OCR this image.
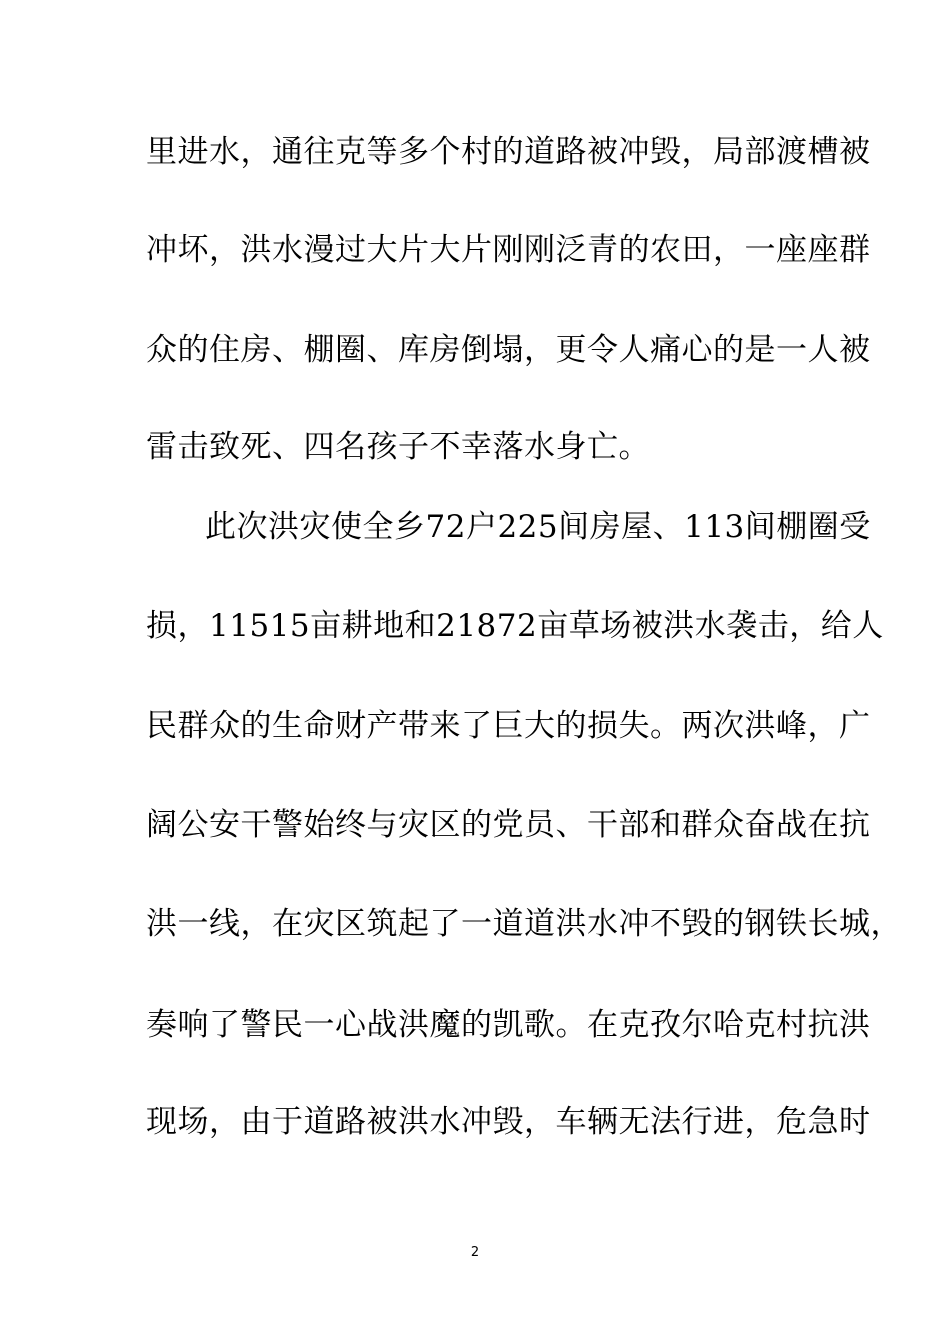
里进水，通往克等多个村的道路被冲毁，局部渡槽被
冲坏，洪水漫过大片大片刚刚泛青的农田，一座座群
众的住房、棚圈、库房倒塌，更令人痛心的是一人被
雷击致死、四名孩子不幸落水身亡。
此次洪灾使全乡72户225间房屋、113间棚圈受
损，11515亩耕地和21872亩草场被洪水袭击，给人
民群众的生命财产带来了巨大的损失。两次洪峰，广
阔公安干警始终与灾区的党员、干部和群众奋战在抗
洪一线，在灾区筑起了一道道洪水冲不毁的钢铁长城，
奏响了警民一心战洪魔的凯歌。在克孜尔哈克村抗洪
现场，由于道路被洪水冲毁，车辆无法行进，危急时
2
